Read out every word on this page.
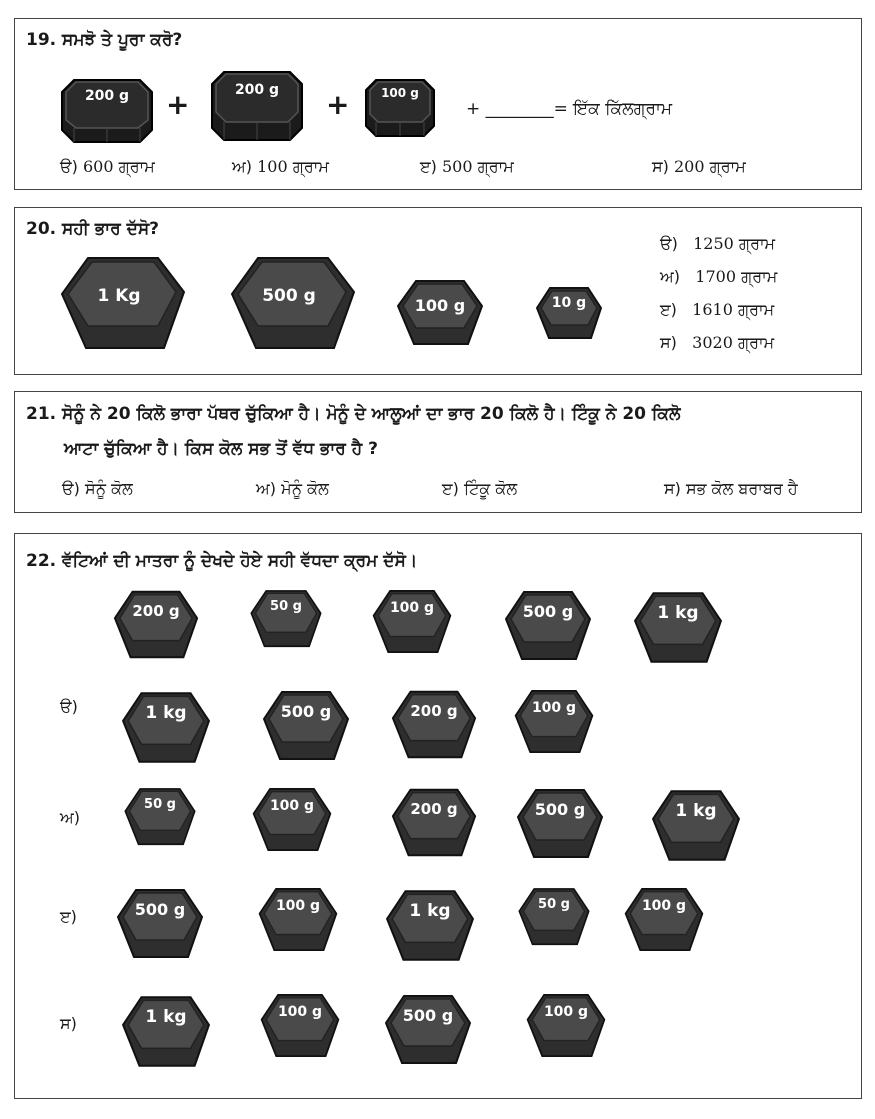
19. ਸਮਝੋ ਤੇ ਪੂਰਾ ਕਰੋ?
200 g	+	200 g	+	100 g
+ ________= ਇੱਕ ਕਿੱਲਗ੍ਰਾਮ
ੳ) 600 ਗ੍ਰਾਮ	ਅ) 100 ਗ੍ਰਾਮ	ੲ) 500 ਗ੍ਰਾਮ	ਸ) 200 ਗ੍ਰਾਮ
20. ਸਹੀ ਭਾਰ ਦੱਸੋ?
1 Kg	500 g	100 g	10 g
ੳ) 1250 ਗ੍ਰਾਮ
ਅ) 1700 ਗ੍ਰਾਮ
ੲ) 1610 ਗ੍ਰਾਮ
ਸ) 3020 ਗ੍ਰਾਮ
21. ਸੋਨੂੰ ਨੇ 20 ਕਿਲੋ ਭਾਰਾ ਪੱਥਰ ਚੁੱਕਿਆ ਹੈ। ਮੋਨੂੰ ਦੇ ਆਲੂਆਂ ਦਾ ਭਾਰ 20 ਕਿਲੋ ਹੈ। ਟਿੰਕੂ ਨੇ 20 ਕਿਲੋ
ਆਟਾ ਚੁੱਕਿਆ ਹੈ। ਕਿਸ ਕੋਲ ਸਭ ਤੋਂ ਵੱਧ ਭਾਰ ਹੈ ?
ੳ) ਸੋਨੂੰ ਕੋਲ	ਅ) ਮੋਨੂੰ ਕੋਲ	ੲ) ਟਿੰਕੂ ਕੋਲ	ਸ) ਸਭ ਕੋਲ ਬਰਾਬਰ ਹੈ
22. ਵੱਟਿਆਂ ਦੀ ਮਾਤਰਾ ਨੂੰ ਦੇਖਦੇ ਹੋਏ ਸਹੀ ਵੱਧਦਾ ਕ੍ਰਮ ਦੱਸੋ।
200 g	50 g	100 g	500 g	1 kg
ੳ)	1 kg	500 g	200 g	100 g
ਅ)
50 g	100 g	200 g	500 g	1 kg
ੲ)	500 g	100 g	1 kg	50 g	100 g
ਸ)	1 kg	100 g	500 g	100 g
